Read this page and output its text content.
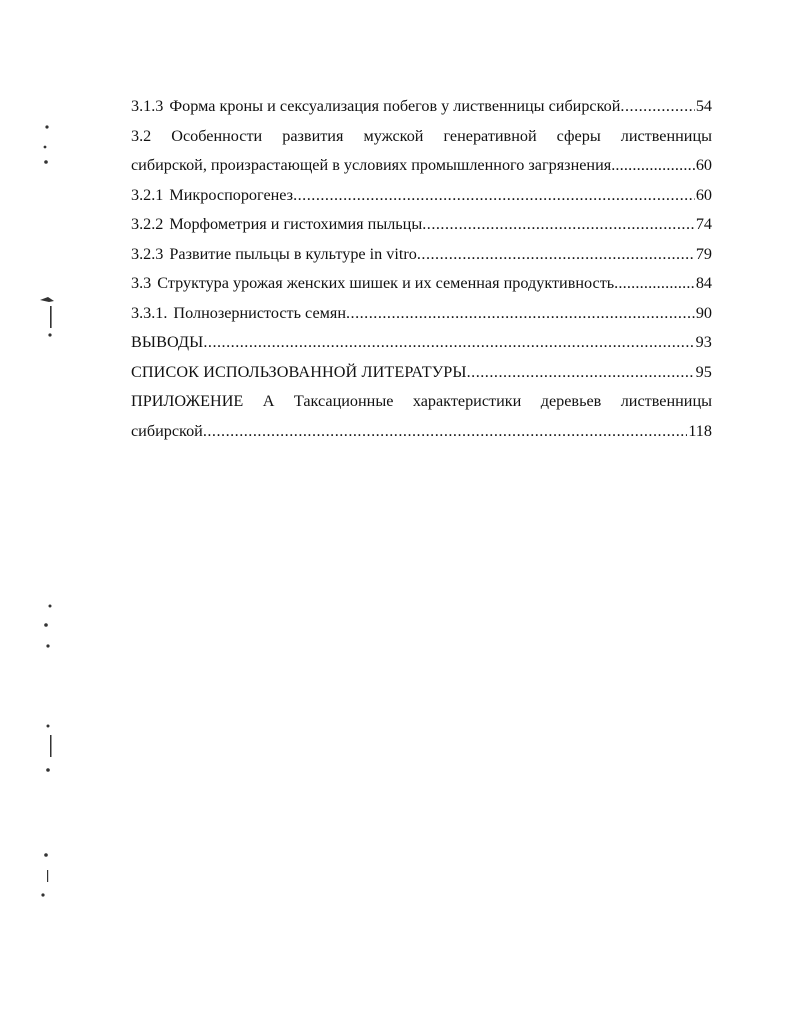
3.1.3 Форма кроны и сексуализация побегов у лиственницы сибирской .....	54
3.2 Особенности развития мужской генеративной сферы лиственницы
сибирской, произрастающей в условиях промышленного загрязнения .....	60
3.2.1 Микроспорогенез .....	60
3.2.2 Морфометрия и гистохимия пыльцы .....	74
3.2.3 Развитие пыльцы в культуре in vitro .....	79
3.3 Структура урожая женских шишек и их семенная продуктивность .....	84
3.3.1. Полнозернистость семян .....	90
ВЫВОДЫ .....	93
СПИСОК ИСПОЛЬЗОВАННОЙ ЛИТЕРАТУРЫ .....	95
ПРИЛОЖЕНИЕ А Таксационные характеристики деревьев лиственницы
сибирской .....	118
